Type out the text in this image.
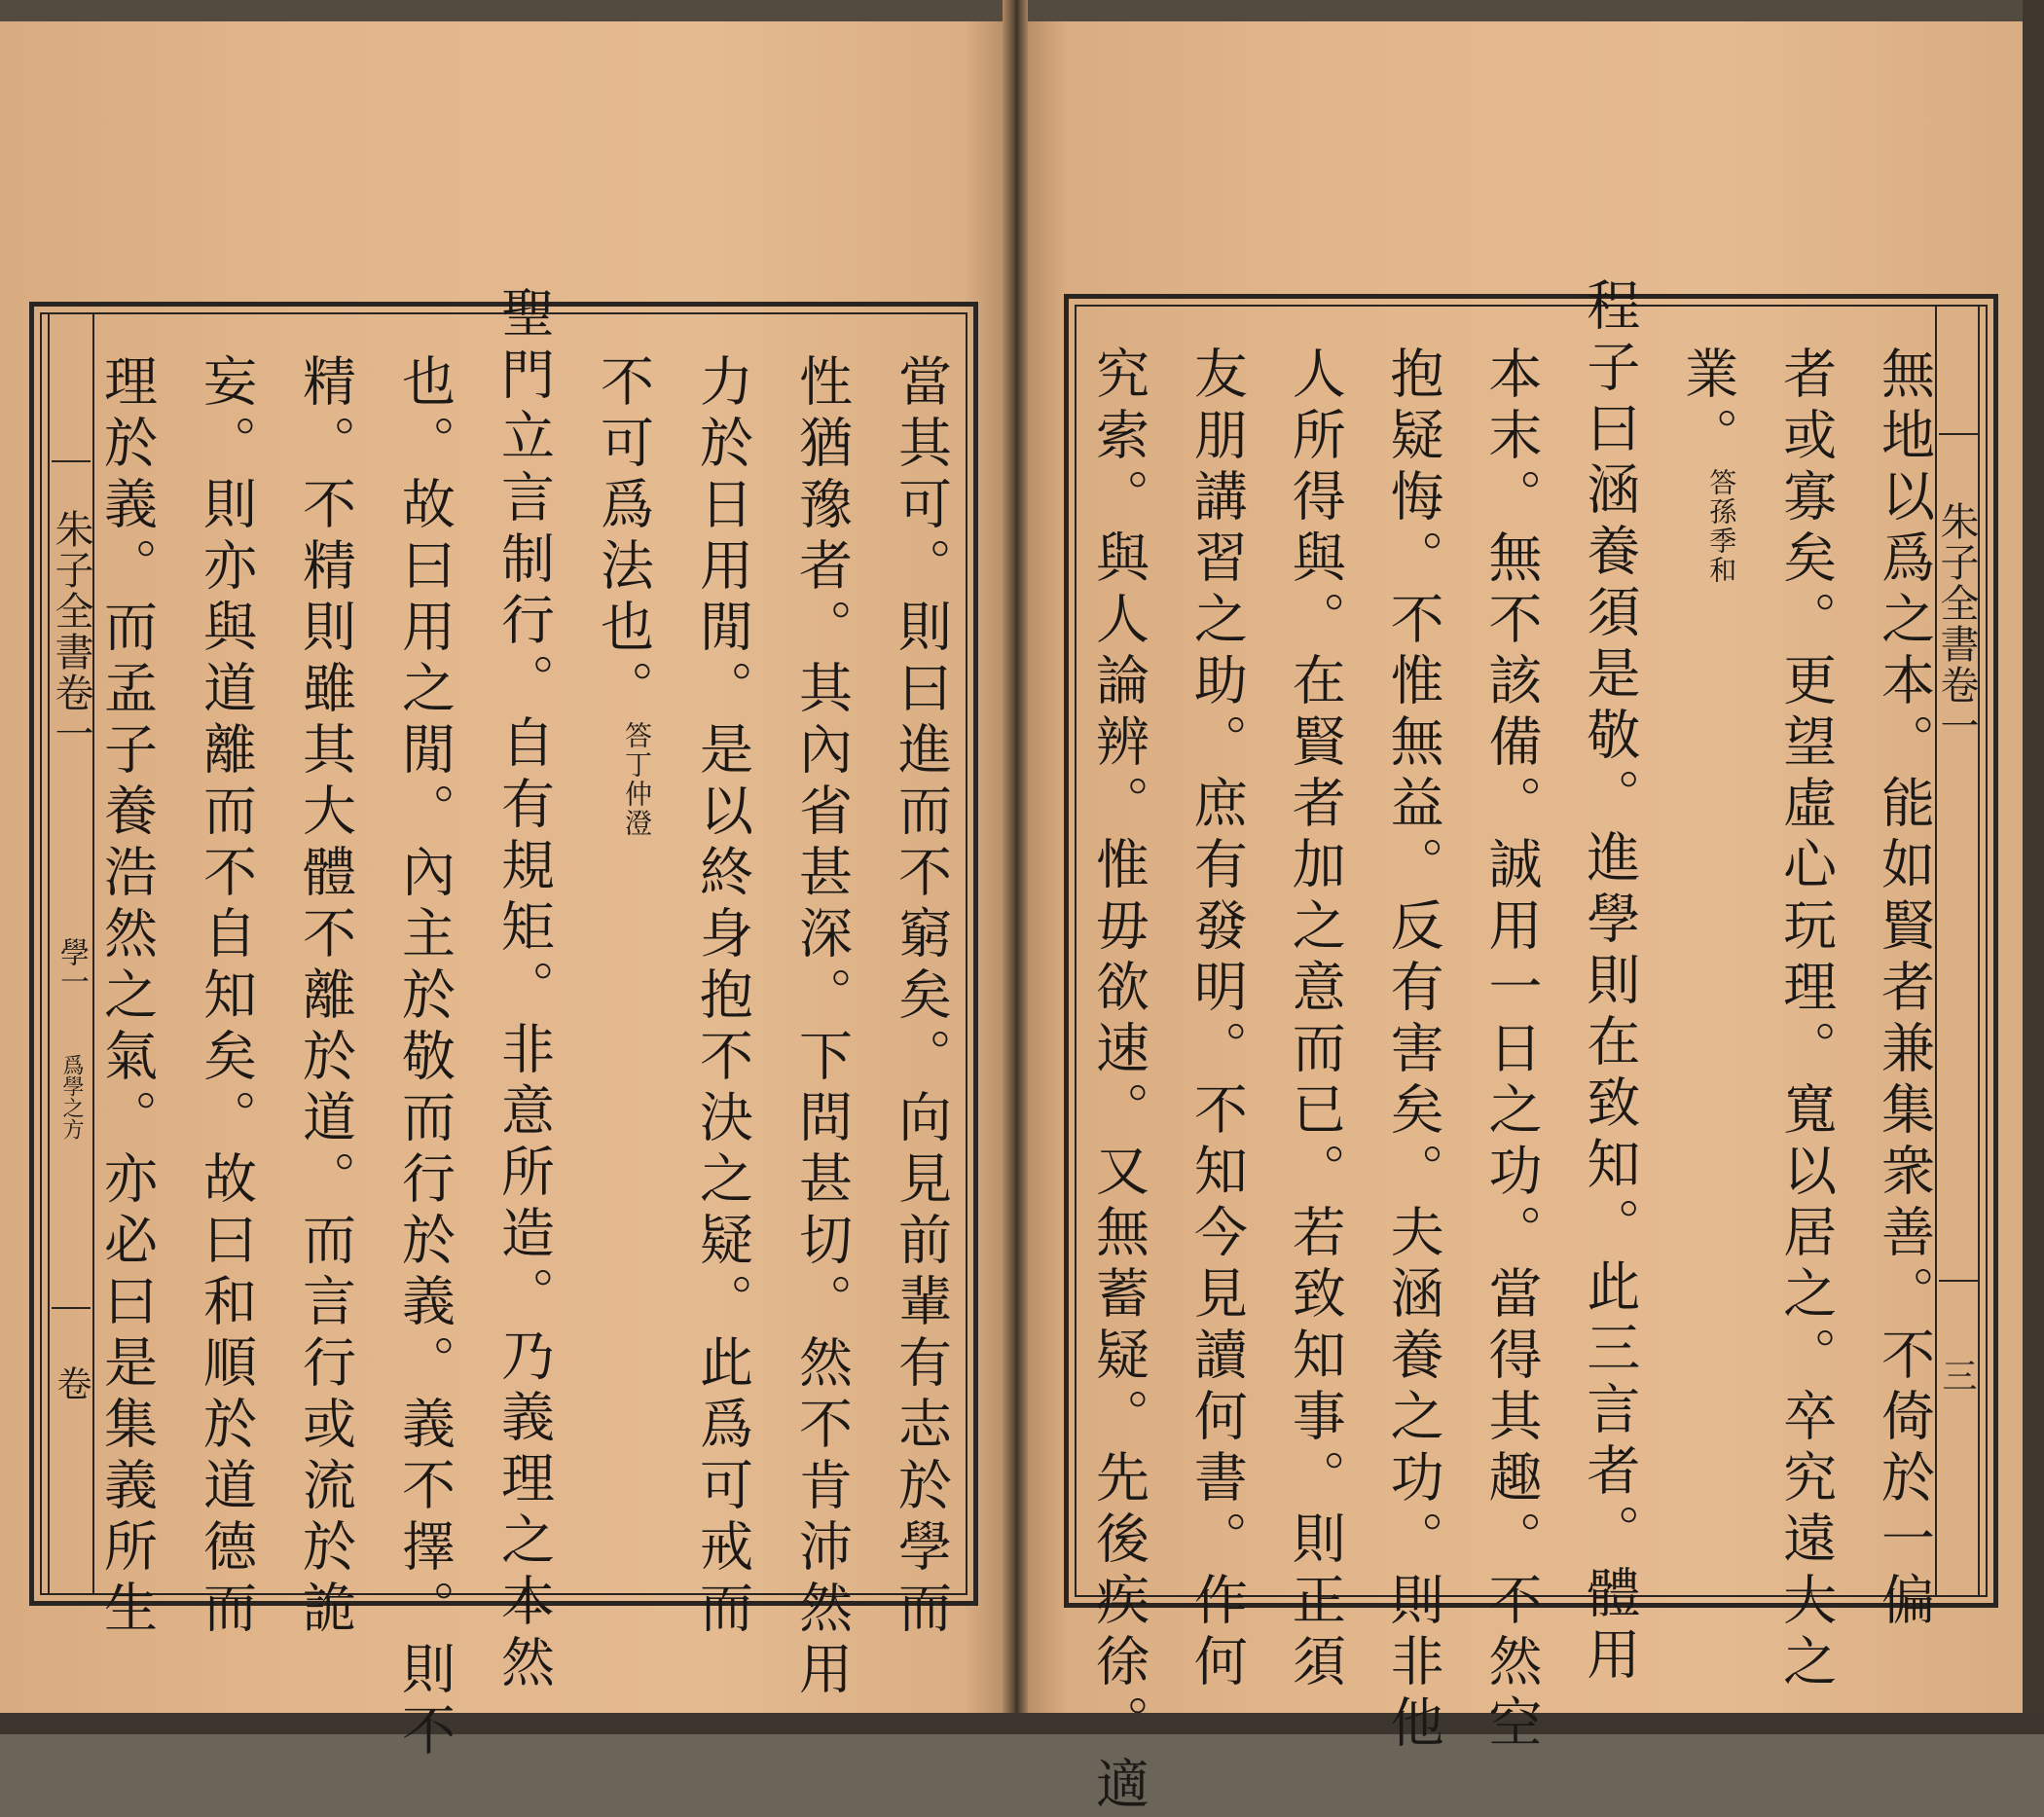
朱子全書卷一
學一
爲學之方
卷	當其可。則曰進而不窮矣。向見前輩有志於學而
性猶豫者。其內省甚深。下問甚切。然不肯沛然用
力於日用閒。是以終身抱不決之疑。此爲可戒而
不可爲法也。$^{答丁仲澄}$
聖門立言制行。自有規矩。非意所造。乃義理之本然
也。故曰用之閒。內主於敬而行於義。義不擇。則不
精。不精則雖其大體不離於道。而言行或流於詭
妄。則亦與道離而不自知矣。故曰和順於道德而
理於義。而孟子養浩然之氣。亦必曰是集義所生	朱子全書卷一
三
無地以爲之本。能如賢者兼集衆善。不倚於一偏
者或寡矣。更望虛心玩理。寬以居之。卒究遠大之
業。$^{答孫季和}$
程子曰涵養須是敬。進學則在致知。此三言者。體用
本末。無不該備。誠用一日之功。當得其趣。不然空
抱疑悔。不惟無益。反有害矣。夫涵養之功。則非他
人所得與。在賢者加之意而已。若致知事。則正須
友朋講習之助。庶有發明。不知今見讀何書。作何
究索。與人論辨。惟毋欲速。又無蓄疑。先後疾徐。適
